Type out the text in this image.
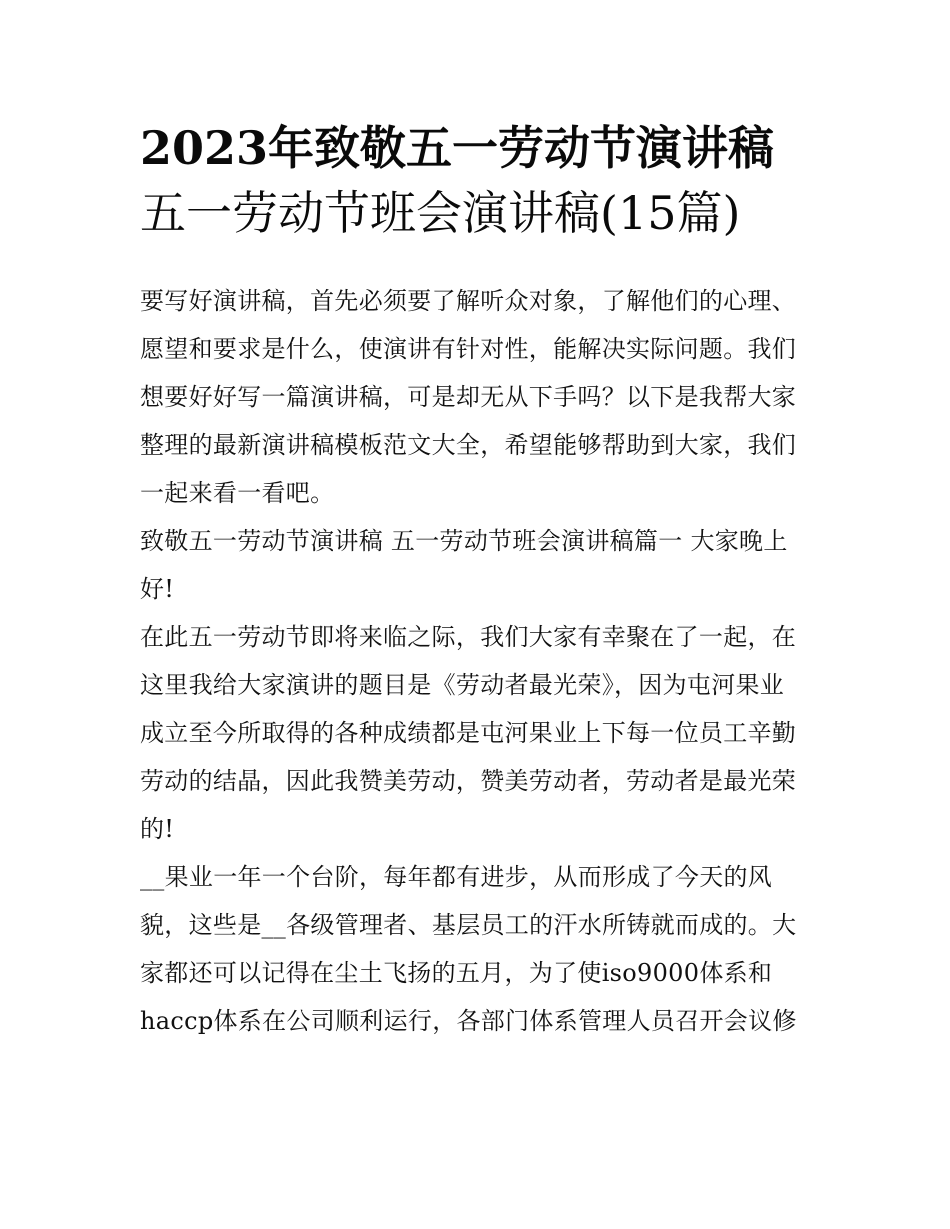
2023年致敬五一劳动节演讲稿
五一劳动节班会演讲稿(15篇)
要写好演讲稿，首先必须要了解听众对象，了解他们的心理、
愿望和要求是什么，使演讲有针对性，能解决实际问题。我们
想要好好写一篇演讲稿，可是却无从下手吗？以下是我帮大家
整理的最新演讲稿模板范文大全，希望能够帮助到大家，我们
一起来看一看吧。
致敬五一劳动节演讲稿 五一劳动节班会演讲稿篇一 大家晚上
好!
在此五一劳动节即将来临之际，我们大家有幸聚在了一起，在
这里我给大家演讲的题目是《劳动者最光荣》，因为屯河果业
成立至今所取得的各种成绩都是屯河果业上下每一位员工辛勤
劳动的结晶，因此我赞美劳动，赞美劳动者，劳动者是最光荣
的!
__果业一年一个台阶，每年都有进步，从而形成了今天的风
貌，这些是__各级管理者、基层员工的汗水所铸就而成的。大
家都还可以记得在尘土飞扬的五月，为了使iso9000体系和
haccp体系在公司顺利运行，各部门体系管理人员召开会议修
